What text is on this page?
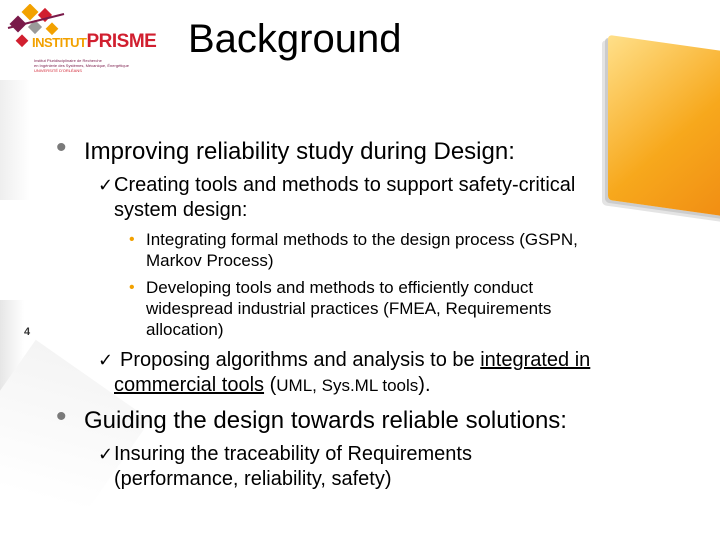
INSTITUTPRISME
Institut Pluridisciplinaire de Recherche
en Ingénierie des Systèmes, Mécanique, Énergétique
UNIVERSITÉ D'ORLÉANS
Background
4
• Improving reliability study during Design:
✓ Creating tools and methods to support safety-critical
system design:
• Integrating formal methods to the design process (GSPN,
Markov Process)
• Developing tools and methods to efficiently conduct
widespread industrial practices (FMEA, Requirements
allocation)
✓ Proposing algorithms and analysis to be integrated in
commercial tools (UML, Sys.ML tools).
• Guiding the design towards reliable solutions:
✓ Insuring the traceability of Requirements
(performance, reliability, safety)
